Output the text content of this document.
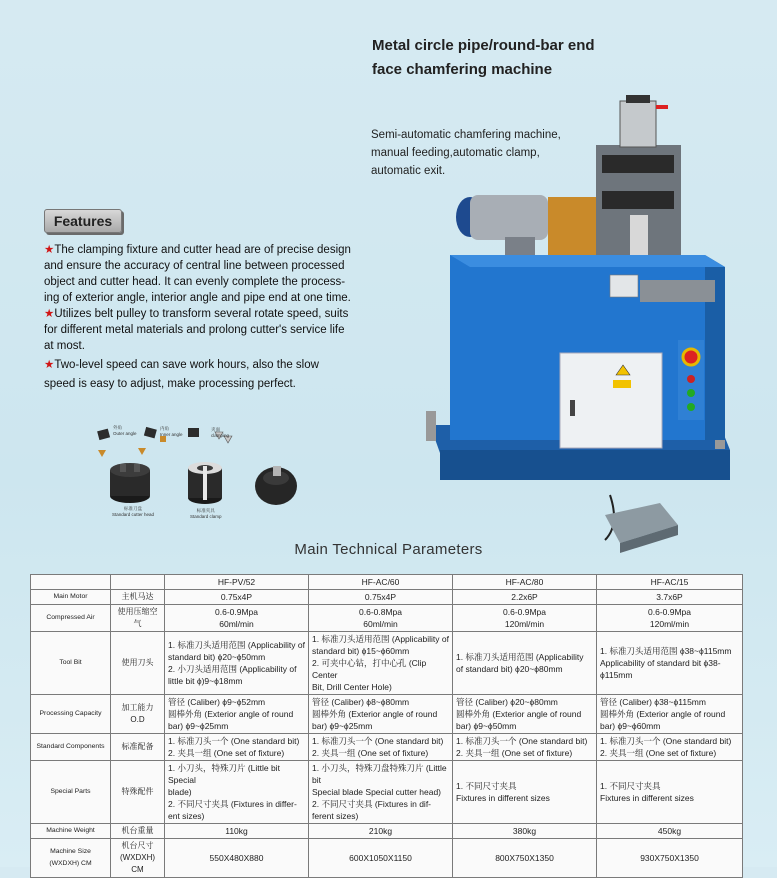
Metal circle pipe/round-bar end
face chamfering machine
Semi-automatic chamfering machine,
manual feeding,automatic clamp,
automatic exit.
Features

★The clamping fixture and cutter head are of precise design
and ensure the accuracy of central line between processed
object and cutter head. It can evenly complete the process-
ing of exterior angle, interior angle and pipe end at one time.

★Utilizes belt pulley to transform several rotate speed, suits
for different metal materials and prolong cutter's service life
at most.

★Two-level speed can save work hours, also the slow
speed is easy to adjust, make processing perfect.

外角
Outer angle
内角
Inner angle
夹面
clamping
标准刀盘
Standard cutter head
标准夹具
Standard clamp
Main Technical Parameters
		HF-PV/52	HF-AC/60	HF-AC/80	HF-AC/15

Main Motor	主机马达	0.75x4P	0.75x4P	2.2x6P	3.7x6P

Compressed Air	使用压缩空气	0.6-0.9Mpa
60ml/min	0.6-0.8Mpa
60ml/min	0.6-0.9Mpa
120ml/min	0.6-0.9Mpa
120ml/min

Tool Bit	使用刀头	1. 标准刀头适用范围 (Applicability of
standard bit) ϕ20~ϕ50mm
2. 小刀头适用范围 (Applicability of
little bit ϕ)9~ϕ18mm	1. 标准刀头适用范围 (Applicability of
standard bit) ϕ15~ϕ60mm
2. 可夹中心钻，打中心孔 (Clip Center
Bit, Drill Center Hole)	1. 标准刀头适用范围 (Applicability
of standard bit) ϕ20~ϕ80mm	1. 标准刀头适用范围 ϕ38~ϕ115mm
Applicability of standard bit ϕ38-
ϕ115mm

Processing Capacity	加工能力 O.D	管径 (Caliber) ϕ9~ϕ52mm
圆棒外角 (Exterior angle of round
bar) ϕ9~ϕ25mm	管径 (Caliber) ϕ8~ϕ80mm
圆棒外角 (Exterior angle of round
bar) ϕ9~ϕ25mm	管径 (Caliber) ϕ20~ϕ80mm
圆棒外角 (Exterior angle of round
bar) ϕ9~ϕ50mm	管径 (Caliber) ϕ38~ϕ115mm
圆棒外角 (Exterior angle of round
bar) ϕ9~ϕ60mm

Standard Components	标准配备	1. 标准刀头一个 (One standard bit)
2. 夹具一组 (One set of fixture)	1. 标准刀头一个 (One standard bit)
2. 夹具一组 (One set of fixture)	1. 标准刀头一个 (One standard bit)
2. 夹具一组 (One set of fixture)	1. 标准刀头一个 (One standard bit)
2. 夹具一组 (One set of fixture)

Special Parts	特殊配件	1. 小刀头，特殊刀片 (Little bit Special
blade)
2. 不同尺寸夹具 (Fixtures in differ-
ent sizes)	1. 小刀头，特殊刀盘特殊刀片 (Little bit
Special blade Special cutter head)
2. 不同尺寸夹具 (Fixtures in dif-
ferent sizes)	1. 不同尺寸夹具
Fixtures in different sizes	1. 不同尺寸夹具
Fixtures in different sizes

Machine Weight	机台重量	110kg	210kg	380kg	450kg

Machine Size
(WXDXH) CM	机台尺寸
(WXDXH) CM	550X480X880	600X1050X1150	800X750X1350	930X750X1350
